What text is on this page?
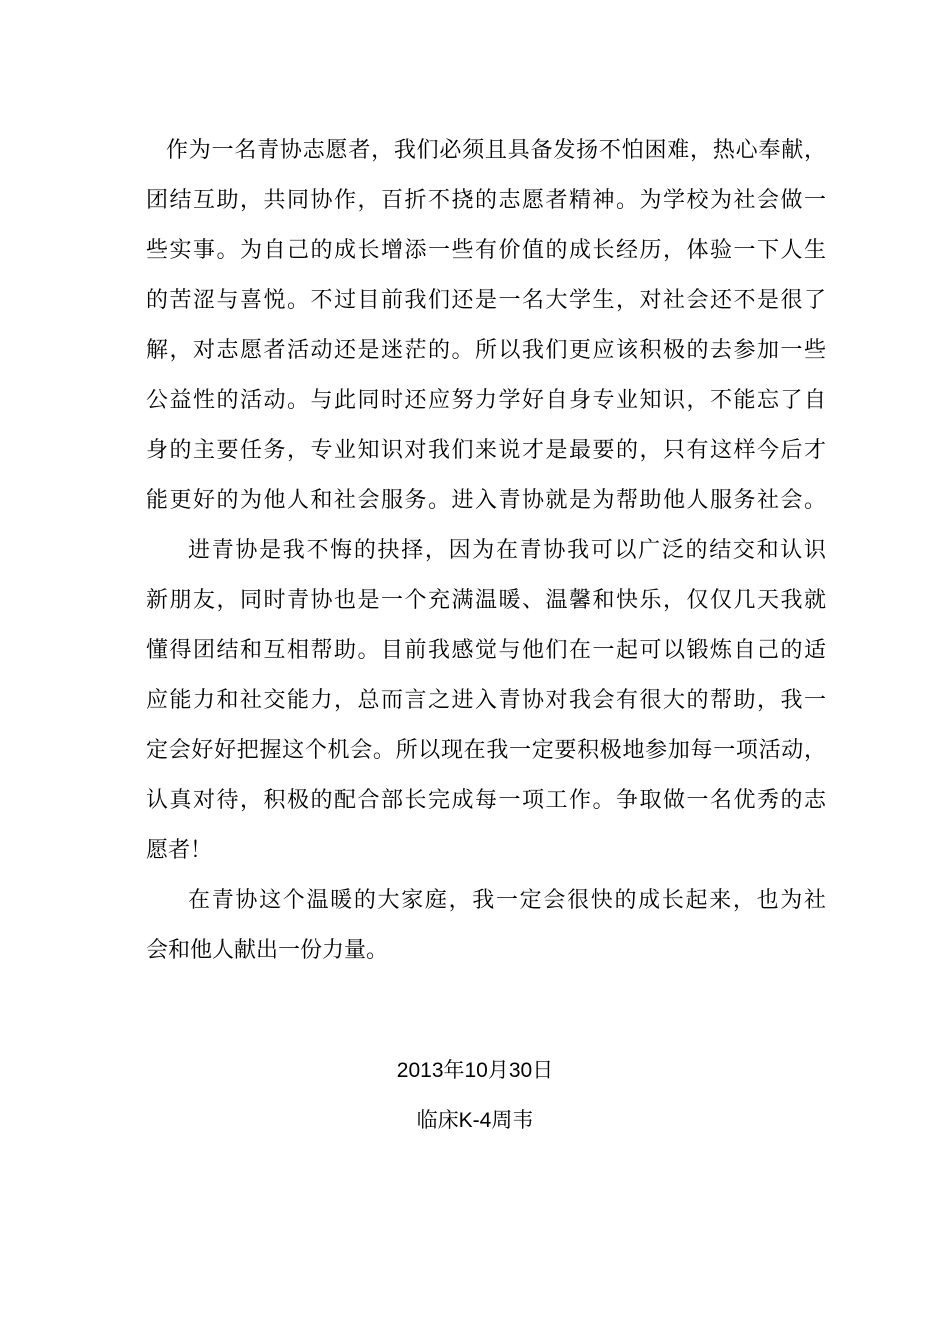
作为一名青协志愿者，我们必须且具备发扬不怕困难，热心奉献，
团结互助，共同协作，百折不挠的志愿者精神。为学校为社会做一
些实事。为自己的成长增添一些有价值的成长经历，体验一下人生
的苦涩与喜悦。不过目前我们还是一名大学生，对社会还不是很了
解，对志愿者活动还是迷茫的。所以我们更应该积极的去参加一些
公益性的活动。与此同时还应努力学好自身专业知识，不能忘了自
身的主要任务，专业知识对我们来说才是最要的，只有这样今后才
能更好的为他人和社会服务。进入青协就是为帮助他人服务社会。
进青协是我不悔的抉择，因为在青协我可以广泛的结交和认识
新朋友，同时青协也是一个充满温暖、温馨和快乐，仅仅几天我就
懂得团结和互相帮助。目前我感觉与他们在一起可以锻炼自己的适
应能力和社交能力，总而言之进入青协对我会有很大的帮助，我一
定会好好把握这个机会。所以现在我一定要积极地参加每一项活动，
认真对待，积极的配合部长完成每一项工作。争取做一名优秀的志
愿者！
在青协这个温暖的大家庭，我一定会很快的成长起来，也为社
会和他人献出一份力量。
2013年10月30日
临床K-4周韦
